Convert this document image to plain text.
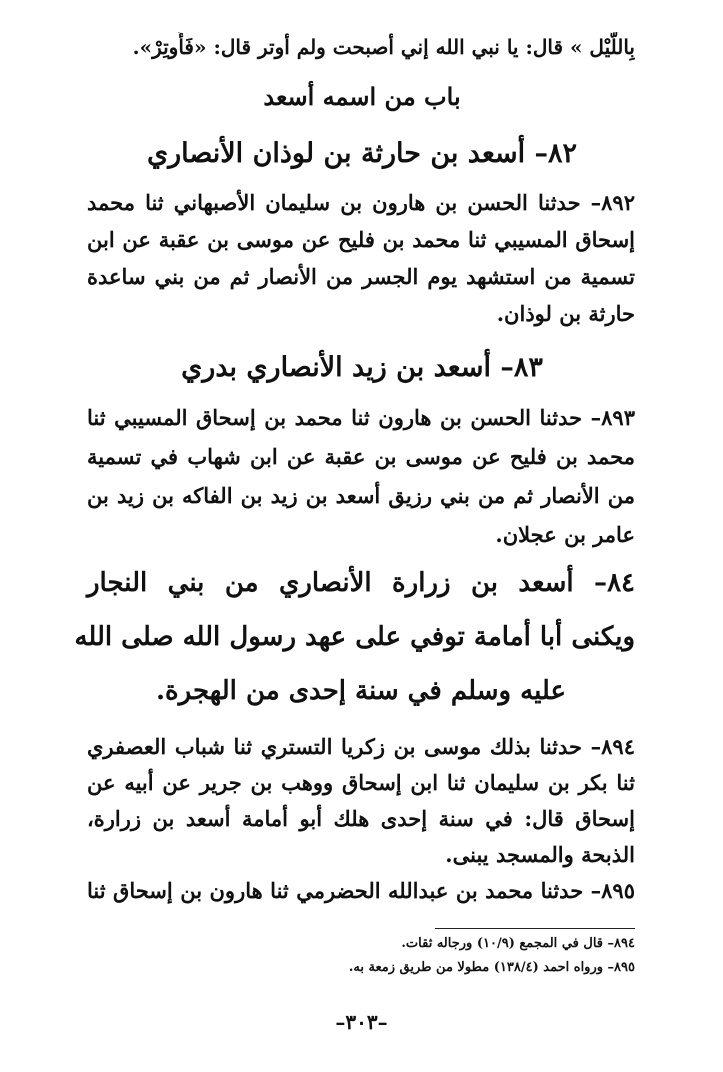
بِاللَّيْل » قال: يا نبي الله إني أصبحت ولم أوتر قال: «فَأَوتِرْ».
باب من اسمه أسعد
٨٢– أسعد بن حارثة بن لوذان الأنصاري
٨٩٢– حدثنا الحسن بن هارون بن سليمان الأصبهاني ثنا محمد
إسحاق المسيبي ثنا محمد بن فليح عن موسى بن عقبة عن ابن
تسمية من استشهد يوم الجسر من الأنصار ثم من بني ساعدة
حارثة بن لوذان.
٨٣– أسعد بن زيد الأنصاري بدري
٨٩٣– حدثنا الحسن بن هارون ثنا محمد بن إسحاق المسيبي ثنا
محمد بن فليح عن موسى بن عقبة عن ابن شهاب في تسمية
من الأنصار ثم من بني رزيق أسعد بن زيد بن الفاكه بن زيد بن
عامر بن عجلان.
٨٤– أسعد بن زرارة الأنصاري من بني النجار
ويكنى أبا أمامة توفي على عهد رسول الله صلى الله
عليه وسلم في سنة إحدى من الهجرة.
٨٩٤– حدثنا بذلك موسى بن زكريا التستري ثنا شباب العصفري
ثنا بكر بن سليمان ثنا ابن إسحاق ووهب بن جرير عن أبيه عن
إسحاق قال: في سنة إحدى هلك أبو أمامة أسعد بن زرارة،
الذبحة والمسجد يبنى.
٨٩٥– حدثنا محمد بن عبدالله الحضرمي ثنا هارون بن إسحاق ثنا
٨٩٤– قال في المجمع (١٠/٩) ورجاله ثقات.
٨٩٥– ورواه احمد (١٣٨/٤) مطولا من طريق زمعة به.
–٣٠٣–
